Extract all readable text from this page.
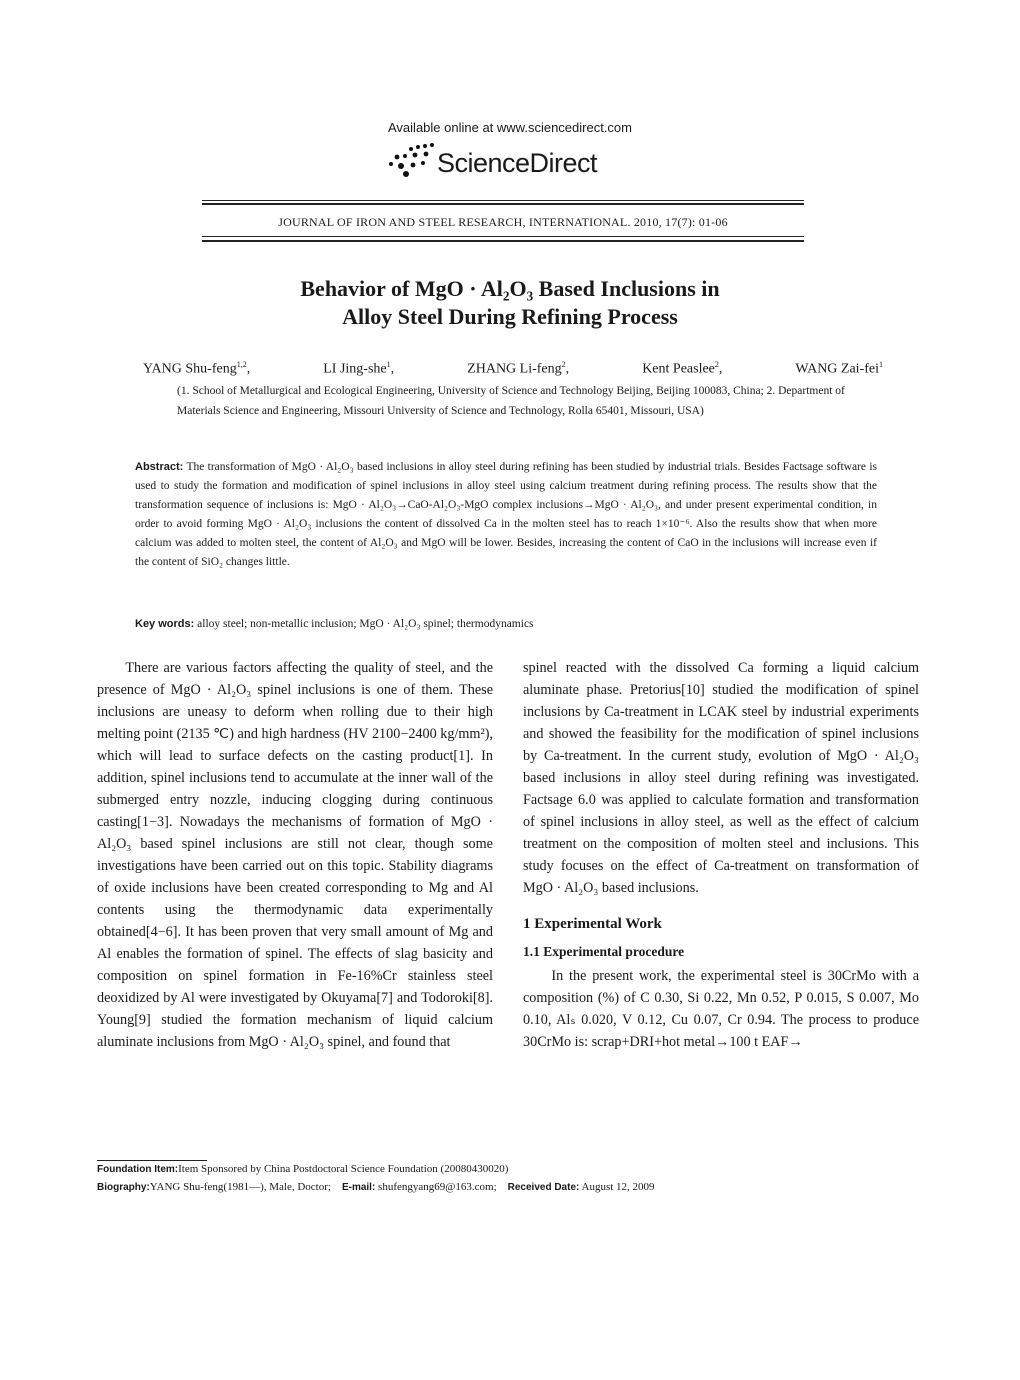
Available online at www.sciencedirect.com
ScienceDirect
JOURNAL OF IRON AND STEEL RESEARCH, INTERNATIONAL. 2010, 17(7): 01-06
Behavior of MgO · Al₂O₃ Based Inclusions in
Alloy Steel During Refining Process
YANG Shu-feng$^{1,2}$,	LI Jing-she$^1$,	ZHANG Li-feng$^2$,	Kent Peaslee$^2$,	WANG Zai-fei$^1$
(1. School of Metallurgical and Ecological Engineering, University of Science and Technology Beijing, Beijing 100083, China; 2. Department of Materials Science and Engineering, Missouri University of Science and Technology, Rolla 65401, Missouri, USA)
Abstract: The transformation of MgO · Al₂O₃ based inclusions in alloy steel during refining has been studied by industrial trials. Besides Factsage software is used to study the formation and modification of spinel inclusions in alloy steel using calcium treatment during refining process. The results show that the transformation sequence of inclusions is: MgO · Al₂O₃→CaO-Al₂O₃-MgO complex inclusions→MgO · Al₂O₃, and under present experimental condition, in order to avoid forming MgO · Al₂O₃ inclusions the content of dissolved Ca in the molten steel has to reach 1×10⁻⁶. Also the results show that when more calcium was added to molten steel, the content of Al₂O₃ and MgO will be lower. Besides, increasing the content of CaO in the inclusions will increase even if the content of SiO₂ changes little.
Key words: alloy steel; non-metallic inclusion; MgO · Al₂O₃ spinel; thermodynamics

There are various factors affecting the quality of steel, and the presence of MgO · Al₂O₃ spinel inclusions is one of them. These inclusions are uneasy to deform when rolling due to their high melting point (2135 ℃) and high hardness (HV 2100−2400 kg/mm²), which will lead to surface defects on the casting product[1]. In addition, spinel inclusions tend to accumulate at the inner wall of the submerged entry nozzle, inducing clogging during continuous casting[1−3]. Nowadays the mechanisms of formation of MgO · Al₂O₃ based spinel inclusions are still not clear, though some investigations have been carried out on this topic. Stability diagrams of oxide inclusions have been created corresponding to Mg and Al contents using the thermodynamic data experimentally obtained[4−6]. It has been proven that very small amount of Mg and Al enables the formation of spinel. The effects of slag basicity and composition on spinel formation in Fe-16%Cr stainless steel deoxidized by Al were investigated by Okuyama[7] and Todoroki[8]. Young[9] studied the formation mechanism of liquid calcium aluminate inclusions from MgO · Al₂O₃ spinel, and found that

spinel reacted with the dissolved Ca forming a liquid calcium aluminate phase. Pretorius[10] studied the modification of spinel inclusions by Ca-treatment in LCAK steel by industrial experiments and showed the feasibility for the modification of spinel inclusions by Ca-treatment. In the current study, evolution of MgO · Al₂O₃ based inclusions in alloy steel during refining was investigated. Factsage 6.0 was applied to calculate formation and transformation of spinel inclusions in alloy steel, as well as the effect of calcium treatment on the composition of molten steel and inclusions. This study focuses on the effect of Ca-treatment on transformation of MgO · Al₂O₃ based inclusions.

1 Experimental Work
1.1 Experimental procedure

In the present work, the experimental steel is 30CrMo with a composition (%) of C 0.30, Si 0.22, Mn 0.52, P 0.015, S 0.007, Mo 0.10, Alₛ 0.020, V 0.12, Cu 0.07, Cr 0.94. The process to produce 30CrMo is: scrap+DRI+hot metal→100 t EAF→

Foundation Item:Item Sponsored by China Postdoctoral Science Foundation (20080430020)
Biography:YANG Shu-feng(1981—), Male, Doctor; E-mail: shufengyang69@163.com; Received Date: August 12, 2009
